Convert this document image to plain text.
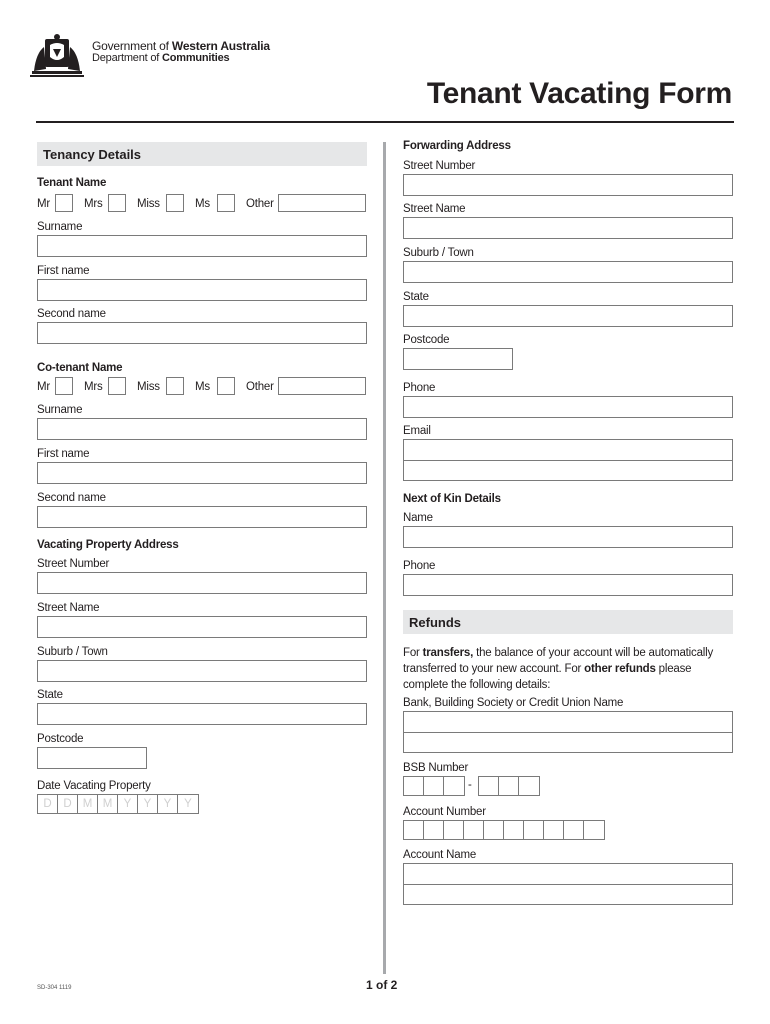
Government of Western Australia
Department of Communities
Tenant Vacating Form
Tenancy Details
Tenant Name
Mr	Mrs	Miss	Ms	Other
Surname
First name
Second name
Co-tenant Name
Mr	Mrs	Miss	Ms	Other
Surname
First name
Second name
Vacating Property Address
Street Number
Street Name
Suburb / Town
State
Postcode
Date Vacating Property
D	D M M Y	Y	Y	Y
Forwarding Address
Street Number
Street Name
Suburb / Town
State
Postcode
Phone
Email
Next of Kin Details
Name
Phone
Refunds
For transfers, the balance of your account will be automatically transferred to your new account. For other refunds please complete the following details:
Bank, Building Society or Credit Union Name
BSB Number
-
Account Number
Account Name
SD-304 1119	1 of 2
